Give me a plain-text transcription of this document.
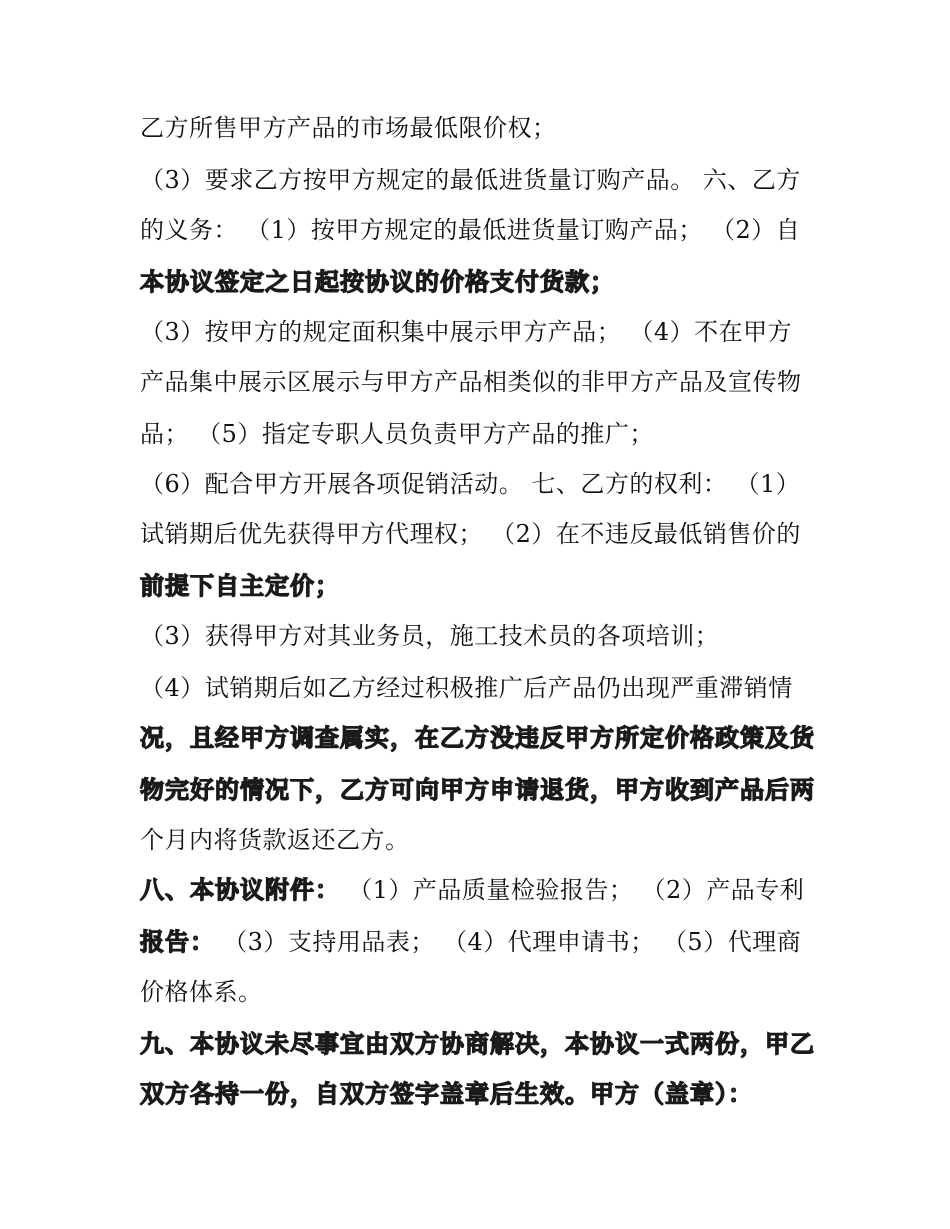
乙方所售甲方产品的市场最低限价权；
（3）要求乙方按甲方规定的最低进货量订购产品。 六、乙方
的义务： （1）按甲方规定的最低进货量订购产品； （2）自
本协议签定之日起按协议的价格支付货款；
（3）按甲方的规定面积集中展示甲方产品； （4）不在甲方
产品集中展示区展示与甲方产品相类似的非甲方产品及宣传物
品； （5）指定专职人员负责甲方产品的推广；
（6）配合甲方开展各项促销活动。 七、乙方的权利： （1）
试销期后优先获得甲方代理权； （2）在不违反最低销售价的
前提下自主定价；
（3）获得甲方对其业务员，施工技术员的各项培训；
（4）试销期后如乙方经过积极推广后产品仍出现严重滞销情
况，且经甲方调查属实，在乙方没违反甲方所定价格政策及货
物完好的情况下，乙方可向甲方申请退货，甲方收到产品后两
个月内将货款返还乙方。
八、本协议附件： （1）产品质量检验报告； （2）产品专利
报告： （3）支持用品表； （4）代理申请书； （5）代理商
价格体系。
九、本协议未尽事宜由双方协商解决，本协议一式两份，甲乙
双方各持一份，自双方签字盖章后生效。甲方（盖章）：
